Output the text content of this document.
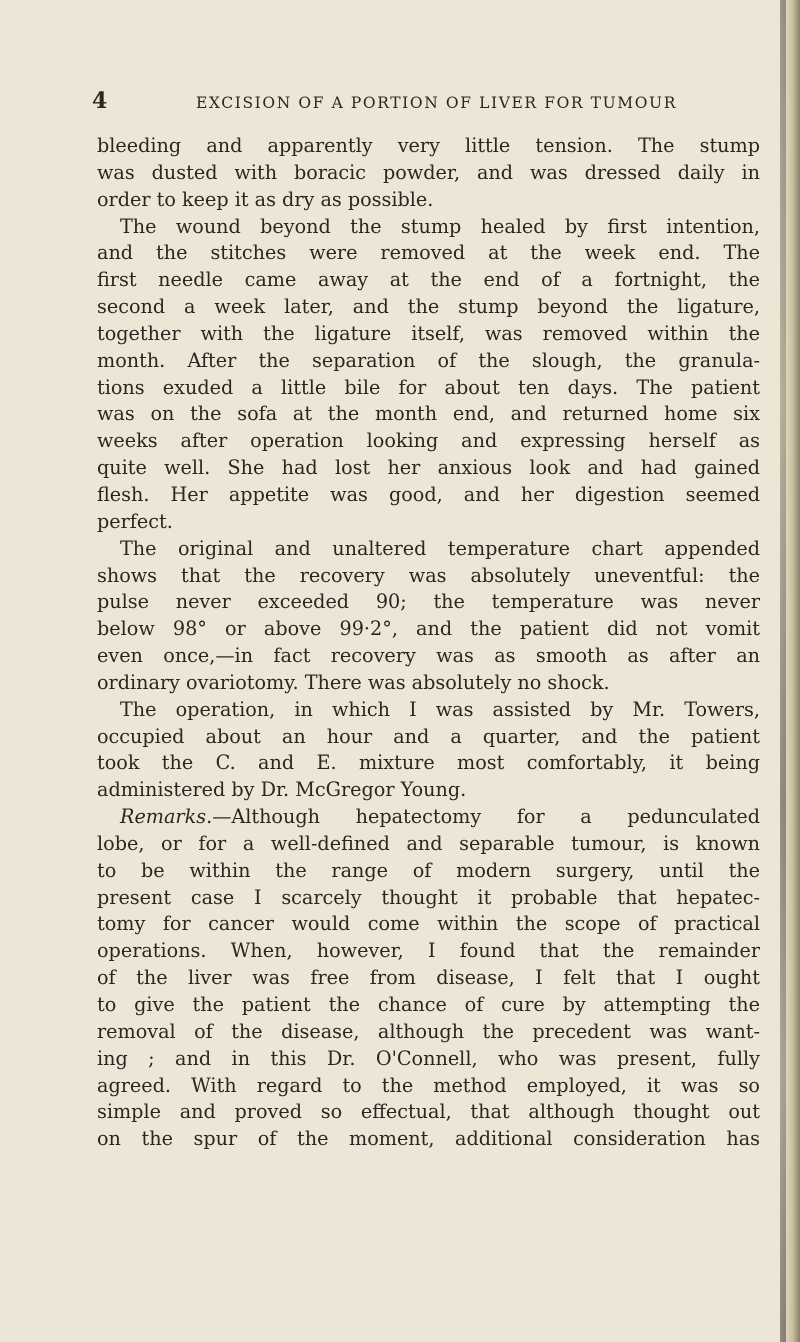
4	EXCISION OF A PORTION OF LIVER FOR TUMOUR
bleeding and apparently very little tension. The stump
was dusted with boracic powder, and was dressed daily in
order to keep it as dry as possible.
The wound beyond the stump healed by first intention,
and the stitches were removed at the week end. The
first needle came away at the end of a fortnight, the
second a week later, and the stump beyond the ligature,
together with the ligature itself, was removed within the
month. After the separation of the slough, the granula-
tions exuded a little bile for about ten days. The patient
was on the sofa at the month end, and returned home six
weeks after operation looking and expressing herself as
quite well. She had lost her anxious look and had gained
flesh. Her appetite was good, and her digestion seemed
perfect.
The original and unaltered temperature chart appended
shows that the recovery was absolutely uneventful: the
pulse never exceeded 90; the temperature was never
below 98° or above 99·2°, and the patient did not vomit
even once,—in fact recovery was as smooth as after an
ordinary ovariotomy. There was absolutely no shock.
The operation, in which I was assisted by Mr. Towers,
occupied about an hour and a quarter, and the patient
took the C. and E. mixture most comfortably, it being
administered by Dr. McGregor Young.
Remarks.—Although hepatectomy for a pedunculated
lobe, or for a well-defined and separable tumour, is known
to be within the range of modern surgery, until the
present case I scarcely thought it probable that hepatec-
tomy for cancer would come within the scope of practical
operations. When, however, I found that the remainder
of the liver was free from disease, I felt that I ought
to give the patient the chance of cure by attempting the
removal of the disease, although the precedent was want-
ing ; and in this Dr. O'Connell, who was present, fully
agreed. With regard to the method employed, it was so
simple and proved so effectual, that although thought out
on the spur of the moment, additional consideration has
